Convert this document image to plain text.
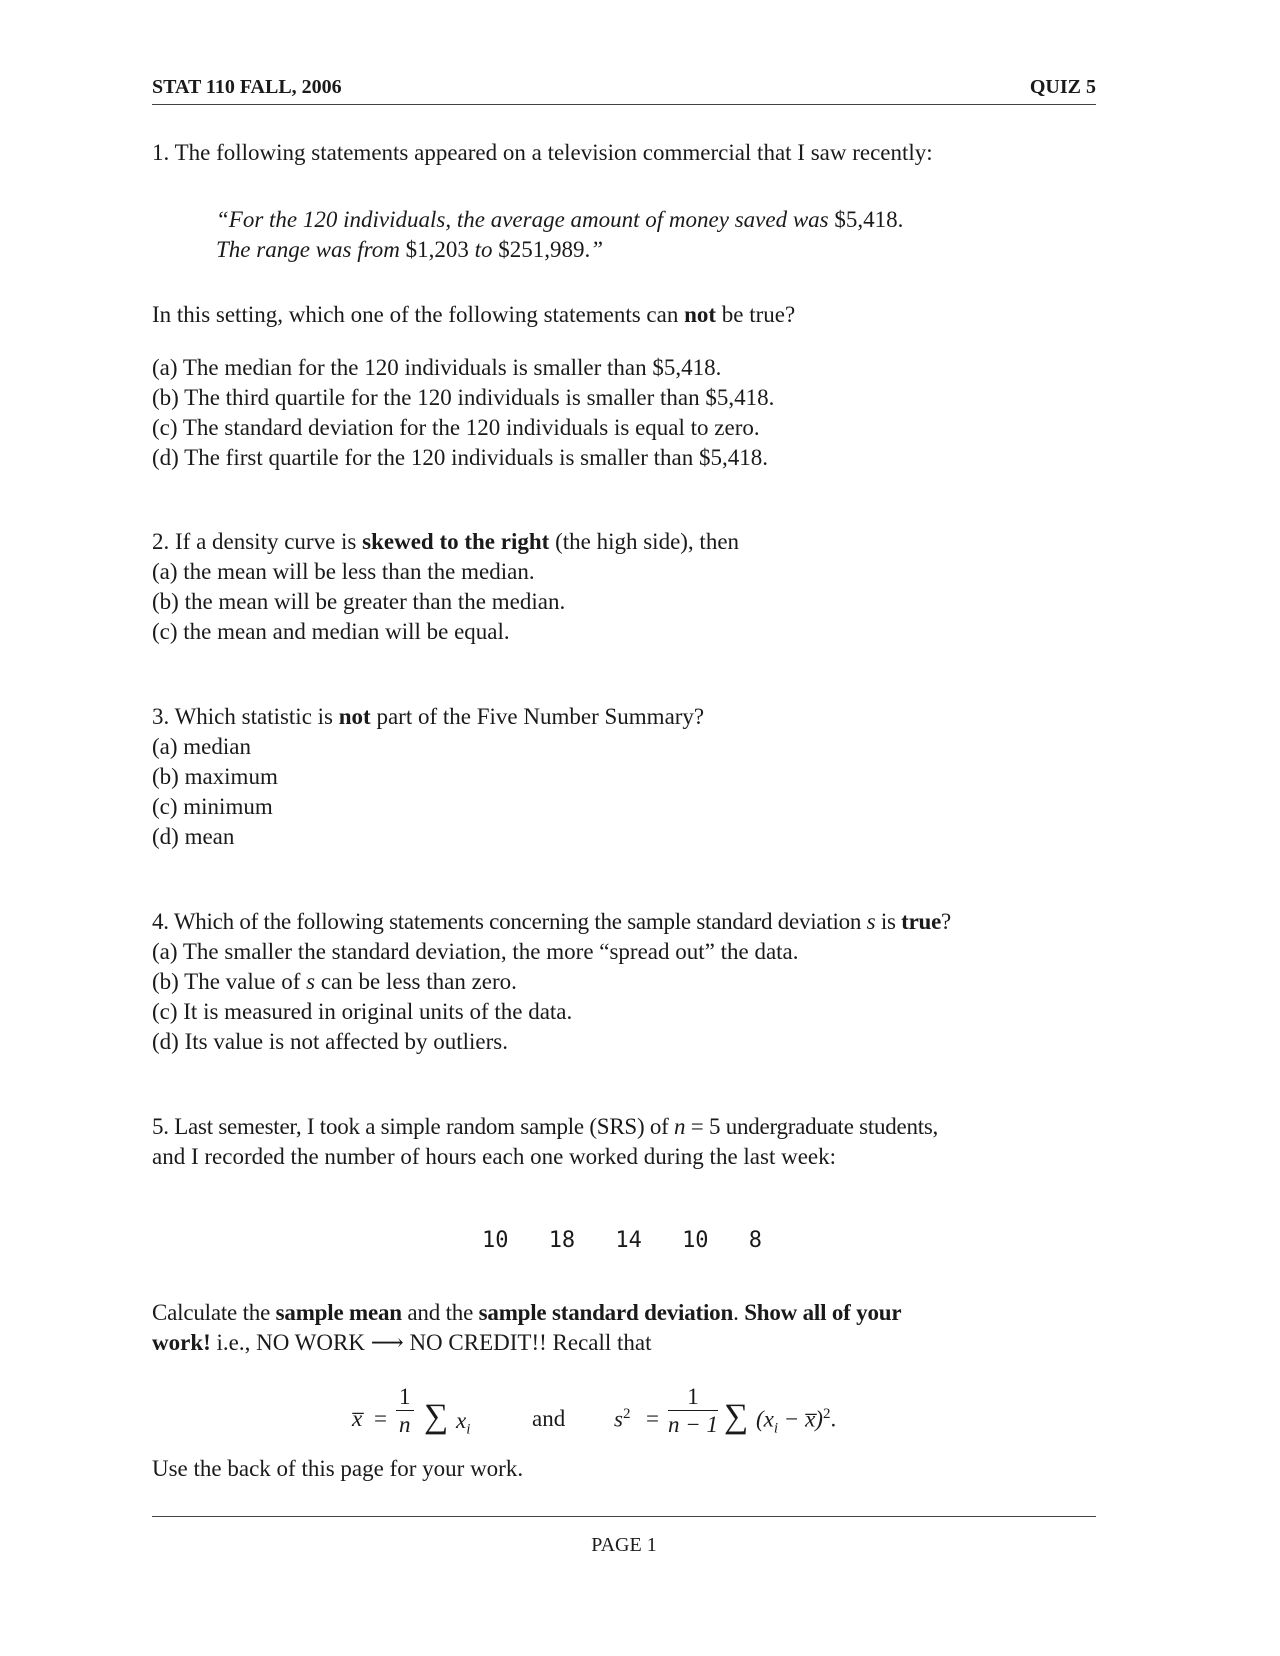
STAT 110 FALL, 2006	QUIZ 5
1. The following statements appeared on a television commercial that I saw recently:
“For the 120 individuals, the average amount of money saved was $5,418.
The range was from $1,203 to $251,989.”
In this setting, which one of the following statements can not be true?
(a) The median for the 120 individuals is smaller than $5,418.
(b) The third quartile for the 120 individuals is smaller than $5,418.
(c) The standard deviation for the 120 individuals is equal to zero.
(d) The first quartile for the 120 individuals is smaller than $5,418.
2. If a density curve is skewed to the right (the high side), then
(a) the mean will be less than the median.
(b) the mean will be greater than the median.
(c) the mean and median will be equal.
3. Which statistic is not part of the Five Number Summary?
(a) median
(b) maximum
(c) minimum
(d) mean
4. Which of the following statements concerning the sample standard deviation s is true?
(a) The smaller the standard deviation, the more “spread out” the data.
(b) The value of s can be less than zero.
(c) It is measured in original units of the data.
(d) Its value is not affected by outliers.
5. Last semester, I took a simple random sample (SRS) of n = 5 undergraduate students,
and I recorded the number of hours each one worked during the last week:
10 18 14 10 8
Calculate the sample mean and the sample standard deviation. Show all of your
work! i.e., NO WORK ⟶ NO CREDIT!! Recall that
x̅ = $\frac{1}{n}$ ∑ $x_i$	and $s^2 = \frac{1}{n - 1}$ ∑ ($x_i$ − x̅)$^2$.
Use the back of this page for your work.
PAGE 1
